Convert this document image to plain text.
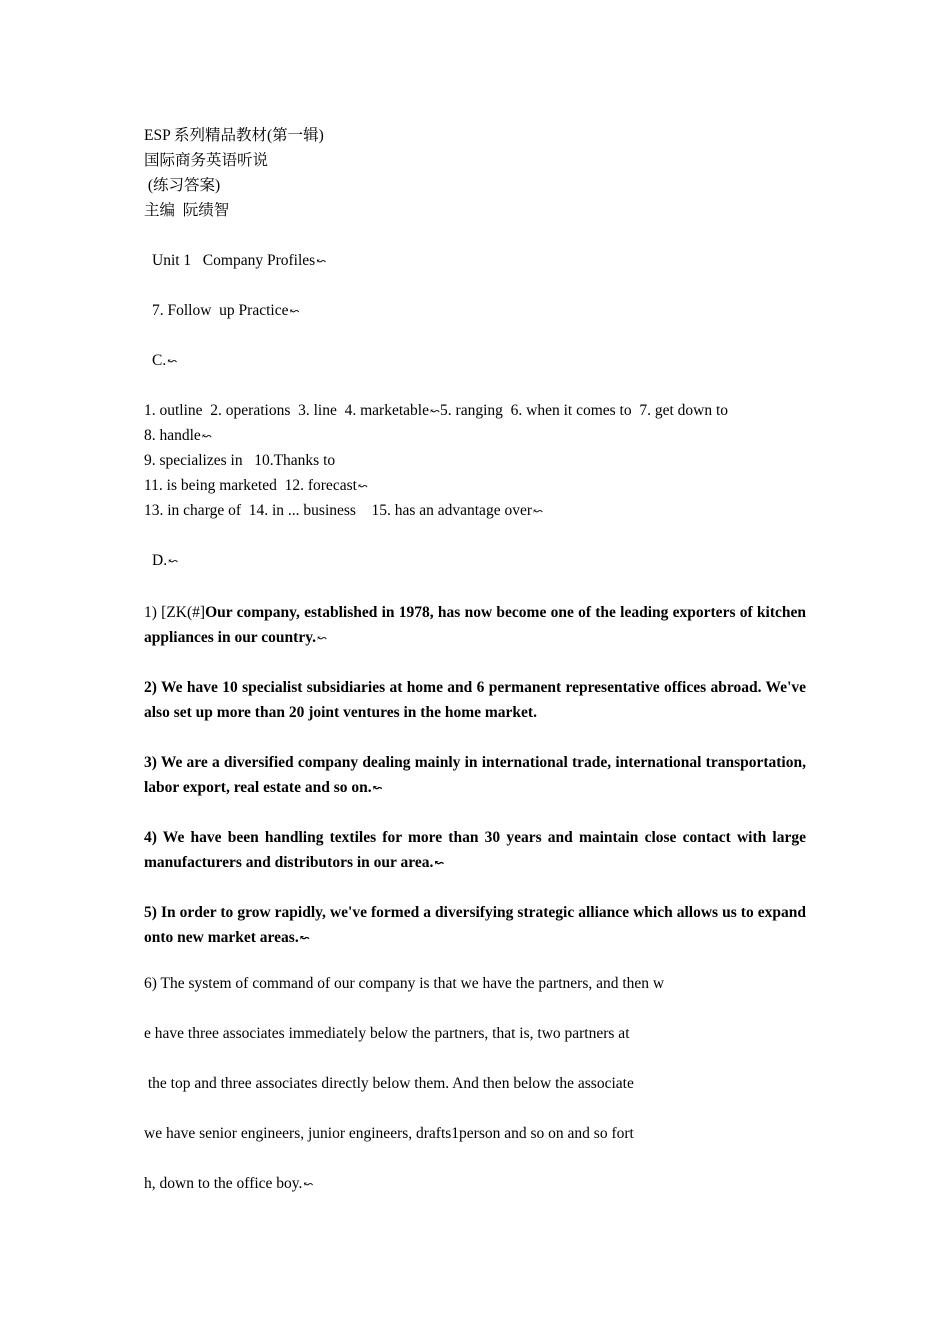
ESP 系列精品教材(第一辑)
国际商务英语听说
(练习答案)
主编  阮绩智
Unit 1   Company Profiles↜
7. Follow  up Practice↜
C.↜
1. outline  2. operations  3. line  4. marketable↜5. ranging  6. when it comes to  7. get down to
8. handle↜
9. specializes in   10.Thanks to
11. is being marketed  12. forecast↜
13. in charge of  14. in ... business    15. has an advantage over↜
D.↜
1) [ZK(#]Our company, established in 1978, has now become one of the leading exporters of kitchen appliances in our country.↜
2) We have 10 specialist subsidiaries at home and 6 permanent representative offices abroad. We've also set up more than 20 joint ventures in the home market.
3) We are a diversified company dealing mainly in international trade, international transportation, labor export, real estate and so on.↜
4) We have been handling textiles for more than 30 years and maintain close contact with large manufacturers and distributors in our area.↜
5) In order to grow rapidly, we've formed a diversifying strategic alliance which allows us to expand onto new market areas.↜
6) The system of command of our company is that we have the partners, and then w
e have three associates immediately below the partners, that is, two partners at
the top and three associates directly below them. And then below the associate
we have senior engineers, junior engineers, drafts1person and so on and so fort
h, down to the office boy.↜
